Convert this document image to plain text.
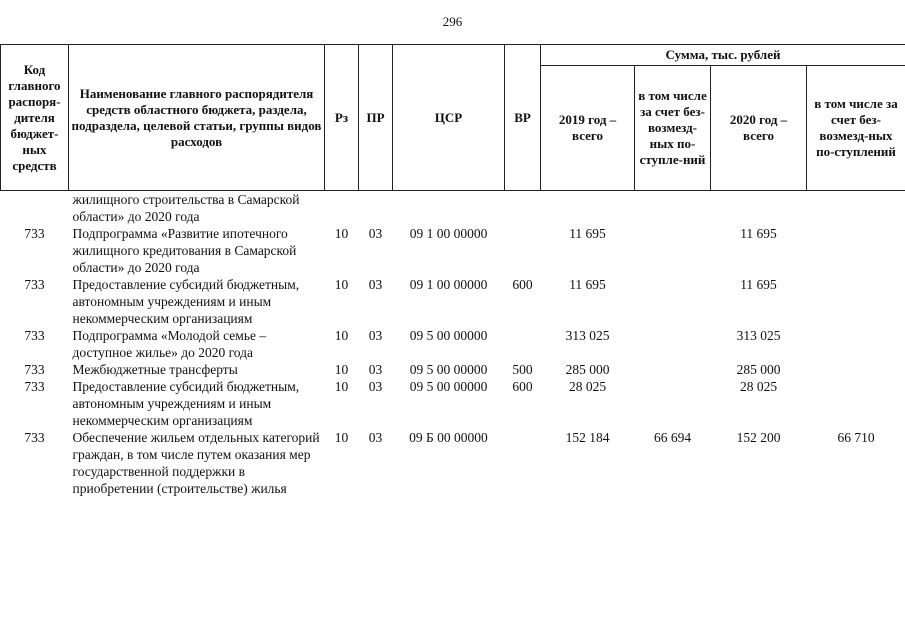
296
Код главного распоря-дителя бюджет-ных средств	Наименование главного распорядителя средств областного бюджета, раздела, подраздела, целевой статьи, группы видов расходов	Рз	ПР	ЦСР	ВР	Сумма, тыс. рублей			
						2019 год – всего	в том числе за счет без-возмезд-ных по-ступле-ний	2020 год – всего	в том числе за счет без-возмезд-ных по-ступлений
	жилищного строительства в Самарской области» до 2020 года								
733	Подпрограмма «Развитие ипотечного жилищного кредитования в Самарской области» до 2020 года	10	03	09 1 00 00000		11 695		11 695	
733	Предоставление субсидий бюджетным, автономным учреждениям и иным некоммерческим организациям	10	03	09 1 00 00000	600	11 695		11 695	
733	Подпрограмма «Молодой семье – доступное жилье» до 2020 года	10	03	09 5 00 00000		313 025		313 025	
733	Межбюджетные трансферты	10	03	09 5 00 00000	500	285 000		285 000	
733	Предоставление субсидий бюджетным, автономным учреждениям и иным некоммерческим организациям	10	03	09 5 00 00000	600	28 025		28 025	
733	Обеспечение жильем отдельных категорий граждан, в том числе путем оказания мер государственной поддержки в приобретении (строительстве) жилья	10	03	09 Б 00 00000		152 184	66 694	152 200	66 710
